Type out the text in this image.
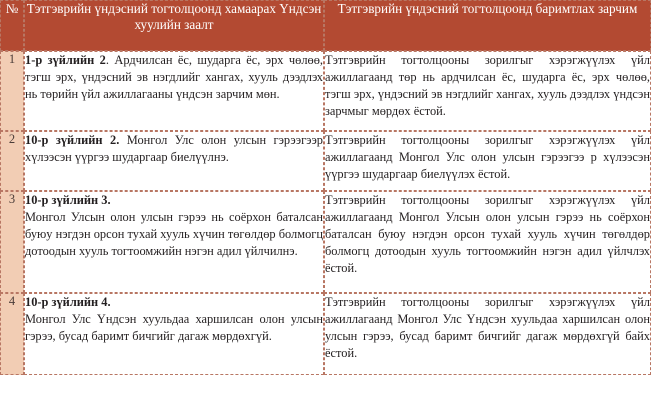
№	Тэтгэврийн үндэсний тогтолцоонд хамаарах Үндсэн хуулийн заалт	Тэтгэврийн үндэсний тогтолцоонд баримтлах зарчим
1	1-р зүйлийн 2. Ардчилсан ёс, шударга ёс, эрх чөлөө, тэгш эрх, үндэсний эв нэгдлийг хангах, хууль дээдлэх нь төрийн үйл ажиллагааны үндсэн зарчим мөн.	Тэтгэврийн тогтолцооны зорилгыг хэрэгжүүлэх үйл ажиллагаанд төр нь ардчилсан ёс, шударга ёс, эрх чөлөө, тэгш эрх, үндэсний эв нэгдлийг хангах, хууль дээдлэх үндсэн зарчмыг мөрдөх ёстой.
2	10-р зүйлийн 2. Монгол Улс олон улсын гэрээгээр хүлээсэн үүргээ шударгаар биелүүлнэ.	Тэтгэврийн тогтолцооны зорилгыг хэрэгжүүлэх үйл ажиллагаанд Монгол Улс олон улсын гэрээгээ р хүлээсэн үүргээ шударгаар биелүүлэх ёстой.
3	10-р зүйлийн 3.
Монгол Улсын олон улсын гэрээ нь соёрхон баталсан буюу нэгдэн орсон тухай хууль хүчин төгөлдөр болмогц дотоодын хууль тогтоомжийн нэгэн адил үйлчилнэ.	Тэтгэврийн тогтолцооны зорилгыг хэрэгжүүлэх үйл ажиллагаанд Монгол Улсын олон улсын гэрээ нь соёрхон баталсан буюу нэгдэн орсон тухай хууль хүчин төгөлдөр болмогц дотоодын хууль тогтоомжийн нэгэн адил үйлчлэх ёстой.
4	10-р зүйлийн 4.
Монгол Улс Үндсэн хуульдаа харшилсан олон улсын гэрээ, бусад баримт бичгийг дагаж мөрдөхгүй.	Тэтгэврийн тогтолцооны зорилгыг хэрэгжүүлэх үйл ажиллагаанд Монгол Улс Үндсэн хуульдаа харшилсан олон улсын гэрээ, бусад баримт бичгийг дагаж мөрдөхгүй байх ёстой.
